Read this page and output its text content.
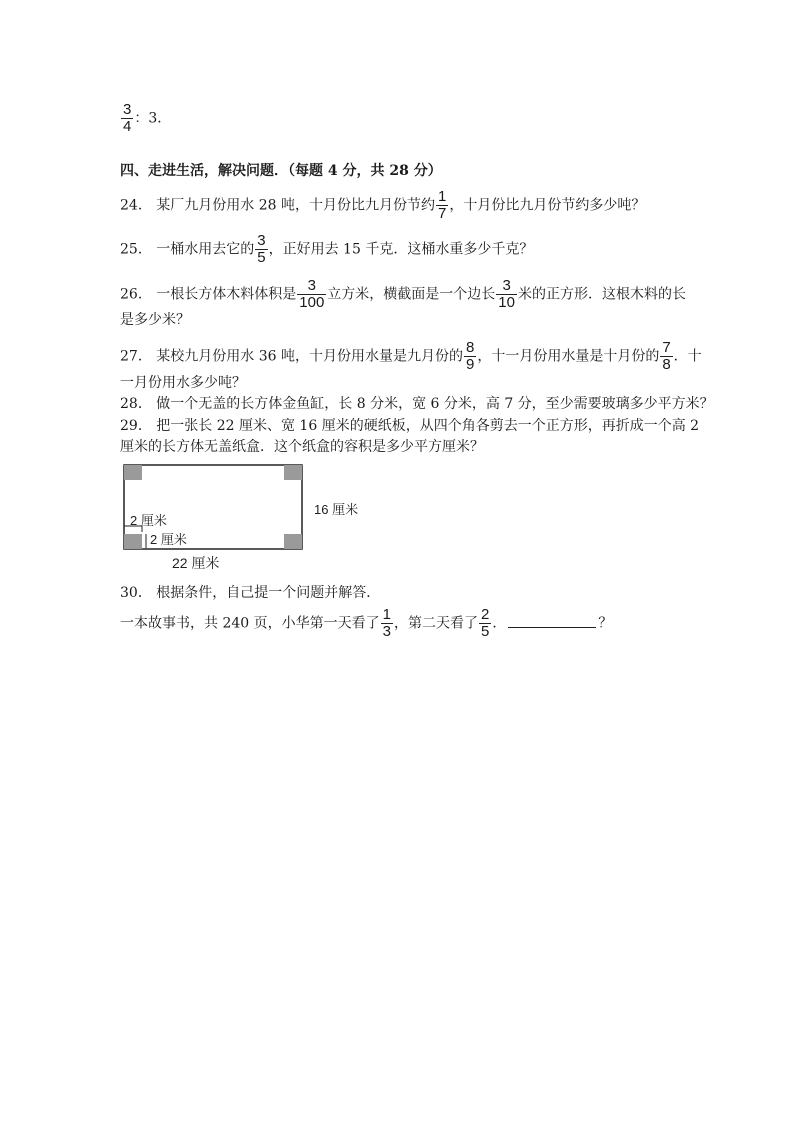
$\frac{3}{4}$ ：3．
四、走进生活，解决问题．（每题 4 分，共 28 分）
24． 某厂九月份用水 28 吨，十月份比九月份节约 $\frac{1}{7}$ ，十月份比九月份节约多少吨？
25． 一桶水用去它的 $\frac{3}{5}$ ，正好用去 15 千克．这桶水重多少千克？
26． 一根长方体木料体积是 $\frac{3}{100}$ 立方米，横截面是一个边长 $\frac{3}{10}$ 米的正方形．这根木料的长
是多少米？
27． 某校九月份用水 36 吨，十月份用水量是九月份的 $\frac{8}{9}$ ，十一月份用水量是十月份的 $\frac{7}{8}$ ．十
一月份用水多少吨？
28． 做一个无盖的长方体金鱼缸，长 8 分米，宽 6 分米，高 7 分，至少需要玻璃多少平方米？
29． 把一张长 22 厘米、宽 16 厘米的硬纸板，从四个角各剪去一个正方形，再折成一个高 2
厘米的长方体无盖纸盒．这个纸盒的容积是多少平方厘米？
2 厘米
2 厘米
16 厘米
22 厘米
30． 根据条件，自己提一个问题并解答．
一本故事书，共 240 页，小华第一天看了 $\frac{1}{3}$ ，第二天看了 $\frac{2}{5}$ ．	？
